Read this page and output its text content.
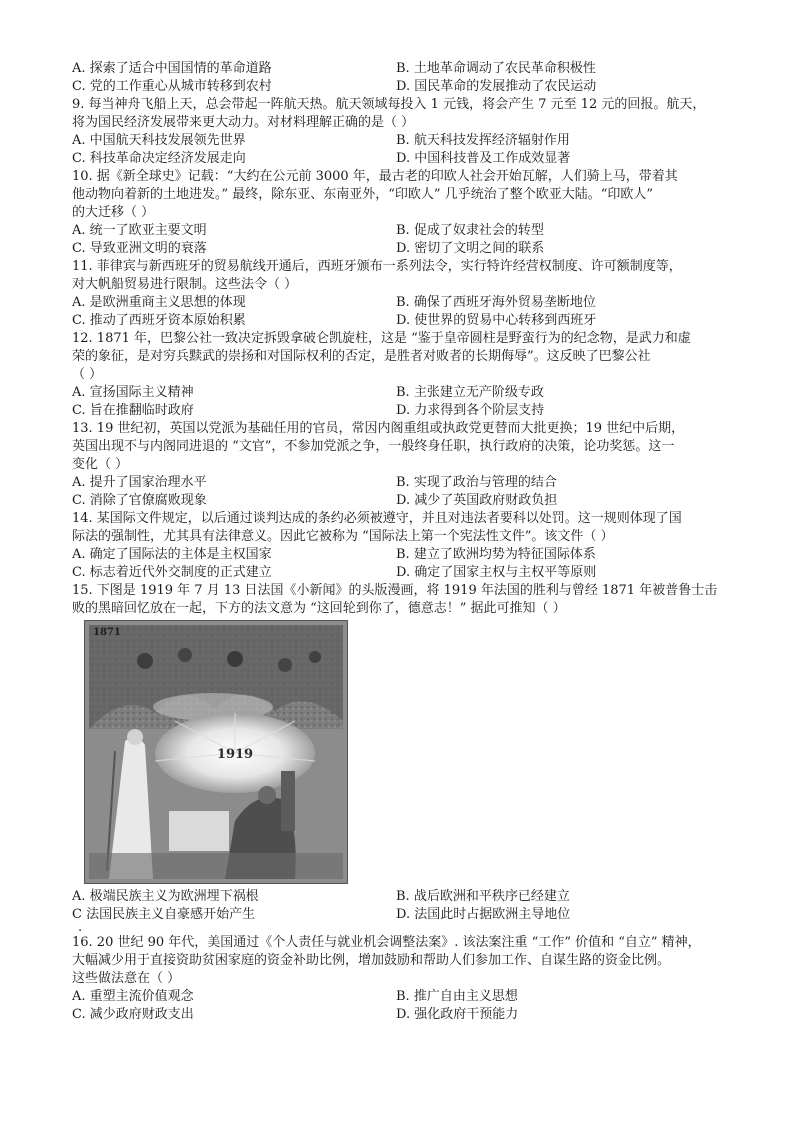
A. 探索了适合中国国情的革命道路	B. 土地革命调动了农民革命积极性
C. 党的工作重心从城市转移到农村	D. 国民革命的发展推动了农民运动
9. 每当神舟飞船上天，总会带起一阵航天热。航天领域每投入 1 元钱，将会产生 7 元至 12 元的回报。航天，
将为国民经济发展带来更大动力。对材料理解正确的是（ ）
A. 中国航天科技发展领先世界	B. 航天科技发挥经济辐射作用
C. 科技革命决定经济发展走向	D. 中国科技普及工作成效显著
10. 据《新全球史》记载：“大约在公元前 3000 年，最古老的印欧人社会开始瓦解，人们骑上马，带着其
他动物向着新的土地进发。” 最终，除东亚、东南亚外，“印欧人” 几乎统治了整个欧亚大陆。“印欧人”
的大迁移（ ）
A. 统一了欧亚主要文明	B. 促成了奴隶社会的转型
C. 导致亚洲文明的衰落	D. 密切了文明之间的联系
11. 菲律宾与新西班牙的贸易航线开通后，西班牙颁布一系列法令，实行特许经营权制度、许可额制度等，
对大帆船贸易进行限制。这些法令（ ）
A. 是欧洲重商主义思想的体现	B. 确保了西班牙海外贸易垄断地位
C. 推动了西班牙资本原始积累	D. 使世界的贸易中心转移到西班牙
12. 1871 年，巴黎公社一致决定拆毁拿破仑凯旋柱，这是 “鉴于皇帝圆柱是野蛮行为的纪念物，是武力和虚
荣的象征，是对穷兵黩武的崇扬和对国际权利的否定，是胜者对败者的长期侮辱”。这反映了巴黎公社
（ ）
A. 宣扬国际主义精神	B. 主张建立无产阶级专政
C. 旨在推翻临时政府	D. 力求得到各个阶层支持
13. 19 世纪初，英国以党派为基础任用的官员，常因内阁重组或执政党更替而大批更换；19 世纪中后期，
英国出现不与内阁同进退的 “文官”，不参加党派之争，一般终身任职，执行政府的决策，论功奖惩。这一
变化（ ）
A. 提升了国家治理水平	B. 实现了政治与管理的结合
C. 消除了官僚腐败现象	D. 减少了英国政府财政负担
14. 某国际文件规定，以后通过谈判达成的条约必须被遵守，并且对违法者要科以处罚。这一规则体现了国
际法的强制性，尤其具有法律意义。因此它被称为 “国际法上第一个宪法性文件”。该文件（ ）
A. 确定了国际法的主体是主权国家	B. 建立了欧洲均势为特征国际体系
C. 标志着近代外交制度的正式建立	D. 确定了国家主权与主权平等原则
15. 下图是 1919 年 7 月 13 日法国《小新闻》的头版漫画，将 1919 年法国的胜利与曾经 1871 年被普鲁士击
败的黑暗回忆放在一起，下方的法文意为 “这回轮到你了，德意志！” 据此可推知（ ）
1871
1919
A. 极端民族主义为欧洲埋下祸根	B. 战后欧洲和平秩序已经建立
C 法国民族主义自豪感开始产生	D. 法国此时占据欧洲主导地位
.
16. 20 世纪 90 年代，美国通过《个人责任与就业机会调整法案》. 该法案注重 “工作” 价值和 “自立” 精神，
大幅减少用于直接资助贫困家庭的资金补助比例，增加鼓励和帮助人们参加工作、自谋生路的资金比例。
这些做法意在（ ）
A. 重塑主流价值观念	B. 推广自由主义思想
C. 减少政府财政支出	D. 强化政府干预能力
